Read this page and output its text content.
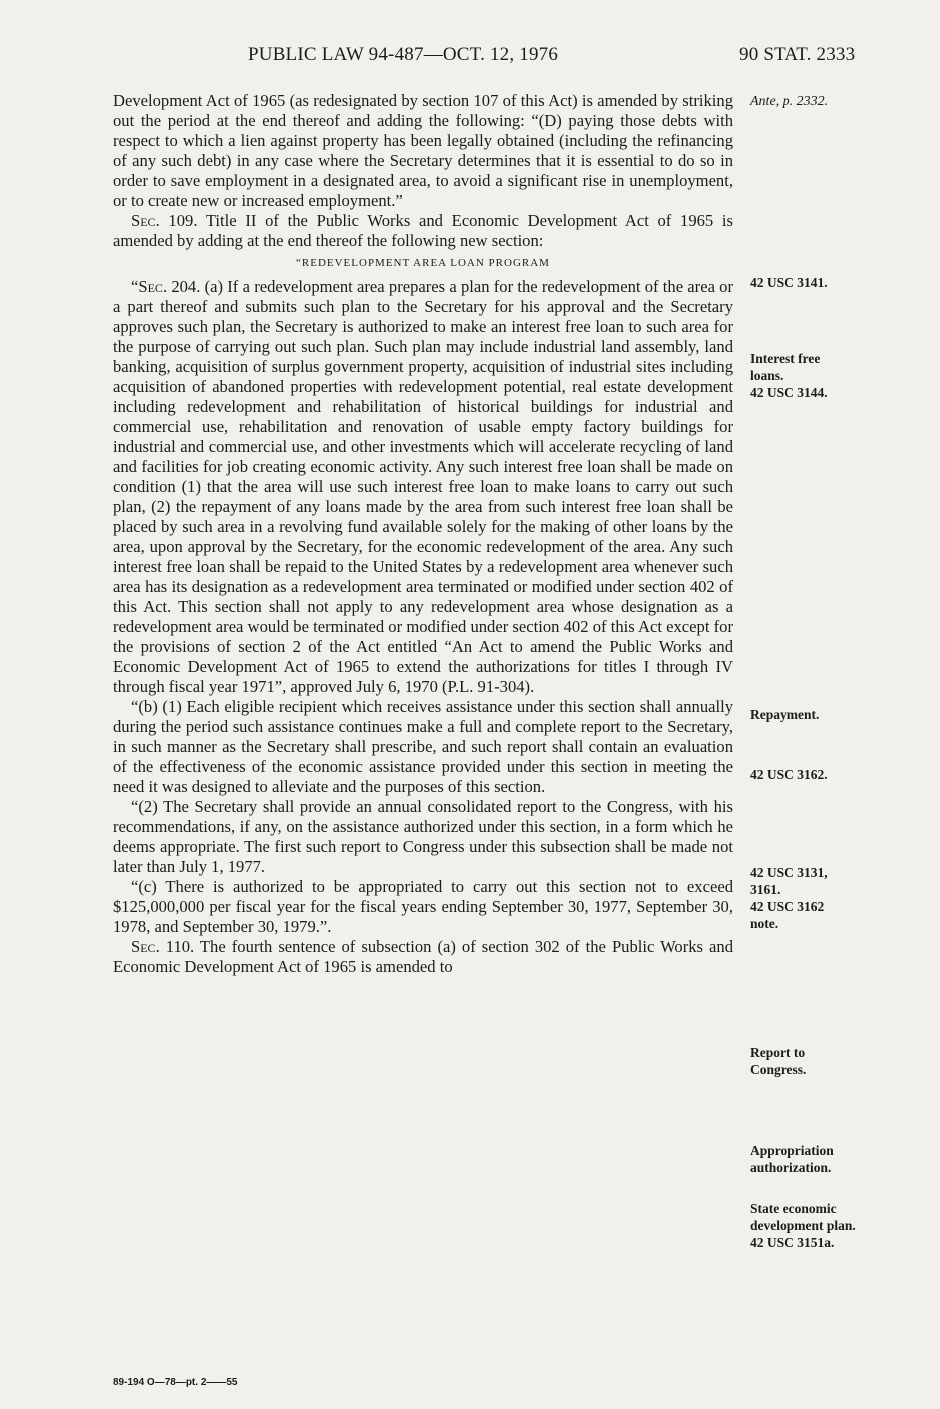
PUBLIC LAW 94-487—OCT. 12, 1976	90 STAT. 2333

Development Act of 1965 (as redesignated by section 107 of this Act) is amended by striking out the period at the end thereof and adding the following: “(D) paying those debts with respect to which a lien against property has been legally obtained (including the refinancing of any such debt) in any case where the Secretary determines that it is essential to do so in order to save employment in a designated area, to avoid a significant rise in unemployment, or to create new or increased employment.”

Sec. 109. Title II of the Public Works and Economic Development Act of 1965 is amended by adding at the end thereof the following new section:

“REDEVELOPMENT AREA LOAN PROGRAM

“Sec. 204. (a) If a redevelopment area prepares a plan for the redevelopment of the area or a part thereof and submits such plan to the Secretary for his approval and the Secretary approves such plan, the Secretary is authorized to make an interest free loan to such area for the purpose of carrying out such plan. Such plan may include industrial land assembly, land banking, acquisition of surplus government property, acquisition of industrial sites including acquisition of abandoned properties with redevelopment potential, real estate development including redevelopment and rehabilitation of historical buildings for industrial and commercial use, rehabilitation and renovation of usable empty factory buildings for industrial and commercial use, and other investments which will accelerate recycling of land and facilities for job creating economic activity. Any such interest free loan shall be made on condition (1) that the area will use such interest free loan to make loans to carry out such plan, (2) the repayment of any loans made by the area from such interest free loan shall be placed by such area in a revolving fund available solely for the making of other loans by the area, upon approval by the Secretary, for the economic redevelopment of the area. Any such interest free loan shall be repaid to the United States by a redevelopment area whenever such area has its designation as a redevelopment area terminated or modified under section 402 of this Act. This section shall not apply to any redevelopment area whose designation as a redevelopment area would be terminated or modified under section 402 of this Act except for the provisions of section 2 of the Act entitled “An Act to amend the Public Works and Economic Development Act of 1965 to extend the authorizations for titles I through IV through fiscal year 1971”, approved July 6, 1970 (P.L. 91-304).

“(b) (1) Each eligible recipient which receives assistance under this section shall annually during the period such assistance continues make a full and complete report to the Secretary, in such manner as the Secretary shall prescribe, and such report shall contain an evaluation of the effectiveness of the economic assistance provided under this section in meeting the need it was designed to alleviate and the purposes of this section.

“(2) The Secretary shall provide an annual consolidated report to the Congress, with his recommendations, if any, on the assistance authorized under this section, in a form which he deems appropriate. The first such report to Congress under this subsection shall be made not later than July 1, 1977.

“(c) There is authorized to be appropriated to carry out this section not to exceed $125,000,000 per fiscal year for the fiscal years ending September 30, 1977, September 30, 1978, and September 30, 1979.”.

Sec. 110. The fourth sentence of subsection (a) of section 302 of the Public Works and Economic Development Act of 1965 is amended to

Ante, p. 2332.
42 USC 3141.
Interest free
loans.
42 USC 3144.
Repayment.
42 USC 3162.
42 USC 3131,
3161.
42 USC 3162
note.
Report to
Congress.
Appropriation
authorization.
State economic
development plan.
42 USC 3151a.
89-194 O—78—pt. 2——55
